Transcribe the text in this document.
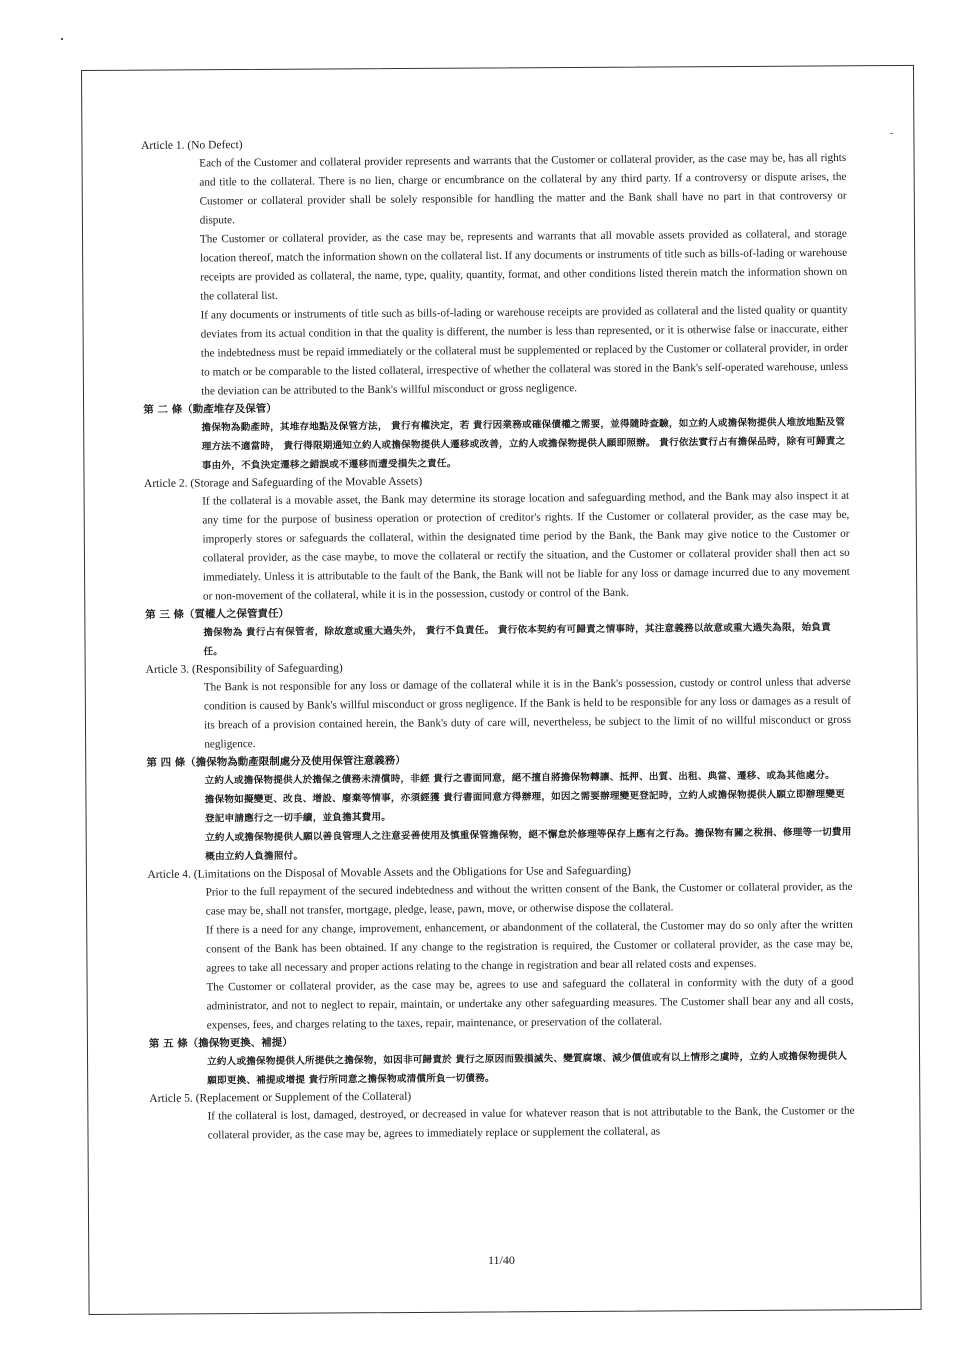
Article 1. (No Defect)

Each of the Customer and collateral provider represents and warrants that the Customer or collateral provider, as the case may be, has all rights and title to the collateral. There is no lien, charge or encumbrance on the collateral by any third party. If a controversy or dispute arises, the Customer or collateral provider shall be solely responsible for handling the matter and the Bank shall have no part in that controversy or dispute.

The Customer or collateral provider, as the case may be, represents and warrants that all movable assets provided as collateral, and storage location thereof, match the information shown on the collateral list. If any documents or instruments of title such as bills-of-lading or warehouse receipts are provided as collateral, the name, type, quality, quantity, format, and other conditions listed therein match the information shown on the collateral list.

If any documents or instruments of title such as bills-of-lading or warehouse receipts are provided as collateral and the listed quality or quantity deviates from its actual condition in that the quality is different, the number is less than represented, or it is otherwise false or inaccurate, either the indebtedness must be repaid immediately or the collateral must be supplemented or replaced by the Customer or collateral provider, in order to match or be comparable to the listed collateral, irrespective of whether the collateral was stored in the Bank's self-operated warehouse, unless the deviation can be attributed to the Bank's willful misconduct or gross negligence.

第 二 條（動產堆存及保管）

擔保物為動產時，其堆存地點及保管方法， 貴行有權決定，若 貴行因業務或確保債權之需要，並得隨時查驗，如立約人或擔保物提供人堆放地點及管理方法不適當時， 貴行得限期通知立約人或擔保物提供人遷移或改善，立約人或擔保物提供人願即照辦。 貴行依法實行占有擔保品時，除有可歸責之事由外，不負決定遷移之錯誤或不遷移而遭受損失之責任。

Article 2. (Storage and Safeguarding of the Movable Assets)

If the collateral is a movable asset, the Bank may determine its storage location and safeguarding method, and the Bank may also inspect it at any time for the purpose of business operation or protection of creditor's rights. If the Customer or collateral provider, as the case may be, improperly stores or safeguards the collateral, within the designated time period by the Bank, the Bank may give notice to the Customer or collateral provider, as the case maybe, to move the collateral or rectify the situation, and the Customer or collateral provider shall then act so immediately. Unless it is attributable to the fault of the Bank, the Bank will not be liable for any loss or damage incurred due to any movement or non-movement of the collateral, while it is in the possession, custody or control of the Bank.

第 三 條（質權人之保管責任）

擔保物為 貴行占有保管者，除故意或重大過失外， 貴行不負責任。 貴行依本契約有可歸責之情事時，其注意義務以故意或重大過失為限，始負責任。

Article 3. (Responsibility of Safeguarding)

The Bank is not responsible for any loss or damage of the collateral while it is in the Bank's possession, custody or control unless that adverse condition is caused by Bank's willful misconduct or gross negligence. If the Bank is held to be responsible for any loss or damages as a result of its breach of a provision contained herein, the Bank's duty of care will, nevertheless, be subject to the limit of no willful misconduct or gross negligence.

第 四 條（擔保物為動產限制處分及使用保管注意義務）

立約人或擔保物提供人於擔保之債務未清償時，非經 貴行之書面同意，絕不擅自將擔保物轉讓、抵押、出質、出租、典當、遷移、或為其他處分。

擔保物如擬變更、改良、增設、廢棄等情事，亦須經獲 貴行書面同意方得辦理，如因之需要辦理變更登記時，立約人或擔保物提供人願立即辦理變更登記申請應行之一切手續，並負擔其費用。

立約人或擔保物提供人願以善良管理人之注意妥善使用及慎重保管擔保物，絕不懈怠於修理等保存上應有之行為。擔保物有關之稅捐、修理等一切費用概由立約人負擔照付。

Article 4. (Limitations on the Disposal of Movable Assets and the Obligations for Use and Safeguarding)

Prior to the full repayment of the secured indebtedness and without the written consent of the Bank, the Customer or collateral provider, as the case may be, shall not transfer, mortgage, pledge, lease, pawn, move, or otherwise dispose the collateral.

If there is a need for any change, improvement, enhancement, or abandonment of the collateral, the Customer may do so only after the written consent of the Bank has been obtained. If any change to the registration is required, the Customer or collateral provider, as the case may be, agrees to take all necessary and proper actions relating to the change in registration and bear all related costs and expenses.

The Customer or collateral provider, as the case may be, agrees to use and safeguard the collateral in conformity with the duty of a good administrator, and not to neglect to repair, maintain, or undertake any other safeguarding measures. The Customer shall bear any and all costs, expenses, fees, and charges relating to the taxes, repair, maintenance, or preservation of the collateral.

第 五 條（擔保物更換、補提）

立約人或擔保物提供人所提供之擔保物，如因非可歸責於 貴行之原因而毀損滅失、變質腐壞、減少價值或有以上情形之虞時，立約人或擔保物提供人願即更換、補提或增提 貴行所同意之擔保物或清償所負一切債務。

Article 5. (Replacement or Supplement of the Collateral)

If the collateral is lost, damaged, destroyed, or decreased in value for whatever reason that is not attributable to the Bank, the Customer or the collateral provider, as the case may be, agrees to immediately replace or supplement the collateral, as

11/40
